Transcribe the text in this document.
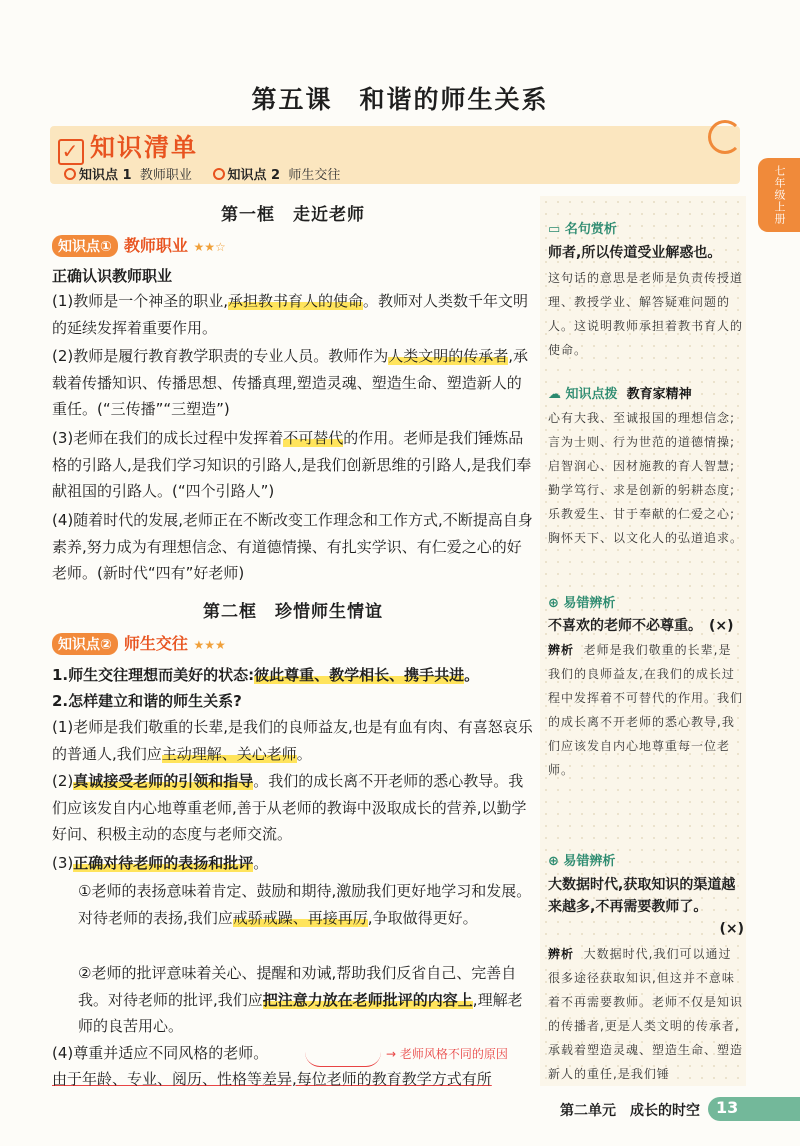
第五课　和谐的师生关系
✓ 知识清单
知识点 1 教师职业	知识点 2 师生交往	七年级上册
第一框　走近老师
知识点① 教师职业 ★★☆
正确认识教师职业
(1)教师是一个神圣的职业,承担教书育人的使命。教师对人类数千年文明的延续发挥着重要作用。
(2)教师是履行教育教学职责的专业人员。教师作为人类文明的传承者,承载着传播知识、传播思想、传播真理,塑造灵魂、塑造生命、塑造新人的重任。(“三传播”“三塑造”)
(3)老师在我们的成长过程中发挥着不可替代的作用。老师是我们锤炼品格的引路人,是我们学习知识的引路人,是我们创新思维的引路人,是我们奉献祖国的引路人。(“四个引路人”)
(4)随着时代的发展,老师正在不断改变工作理念和工作方式,不断提高自身素养,努力成为有理想信念、有道德情操、有扎实学识、有仁爱之心的好老师。(新时代“四有”好老师)
第二框　珍惜师生情谊
知识点② 师生交往 ★★★
1.师生交往理想而美好的状态:彼此尊重、教学相长、携手共进。
2.怎样建立和谐的师生关系?
(1)老师是我们敬重的长辈,是我们的良师益友,也是有血有肉、有喜怒哀乐的普通人,我们应主动理解、关心老师。
(2)真诚接受老师的引领和指导。我们的成长离不开老师的悉心教导。我们应该发自内心地尊重老师,善于从老师的教诲中汲取成长的营养,以勤学好问、积极主动的态度与老师交流。
(3)正确对待老师的表扬和批评。
①老师的表扬意味着肯定、鼓励和期待,激励我们更好地学习和发展。对待老师的表扬,我们应戒骄戒躁、再接再厉,争取做得更好。
②老师的批评意味着关心、提醒和劝诫,帮助我们反省自己、完善自我。对待老师的批评,我们应把注意力放在老师批评的内容上,理解老师的良苦用心。
(4)尊重并适应不同风格的老师。	→ 老师风格不同的原因
由于年龄、专业、阅历、性格等差异,每位老师的教育教学方式有所
▭ 名句赏析
师者,所以传道受业解惑也。
这句话的意思是老师是负责传授道理、教授学业、解答疑难问题的人。这说明教师承担着教书育人的使命。
☁ 知识点拨 教育家精神
心有大我、至诚报国的理想信念;言为士则、行为世范的道德情操;启智润心、因材施教的育人智慧;勤学笃行、求是创新的躬耕态度;乐教爱生、甘于奉献的仁爱之心;胸怀天下、以文化人的弘道追求。
⊕ 易错辨析
不喜欢的老师不必尊重。　(×)
辨析 老师是我们敬重的长辈,是我们的良师益友,在我们的成长过程中发挥着不可替代的作用。我们的成长离不开老师的悉心教导,我们应该发自内心地尊重每一位老师。
⊕ 易错辨析
大数据时代,获取知识的渠道越来越多,不再需要教师了。
(×)
辨析 大数据时代,我们可以通过很多途径获取知识,但这并不意味着不再需要教师。老师不仅是知识的传播者,更是人类文明的传承者,承载着塑造灵魂、塑造生命、塑造新人的重任,是我们锤
第二单元　成长的时空 13
